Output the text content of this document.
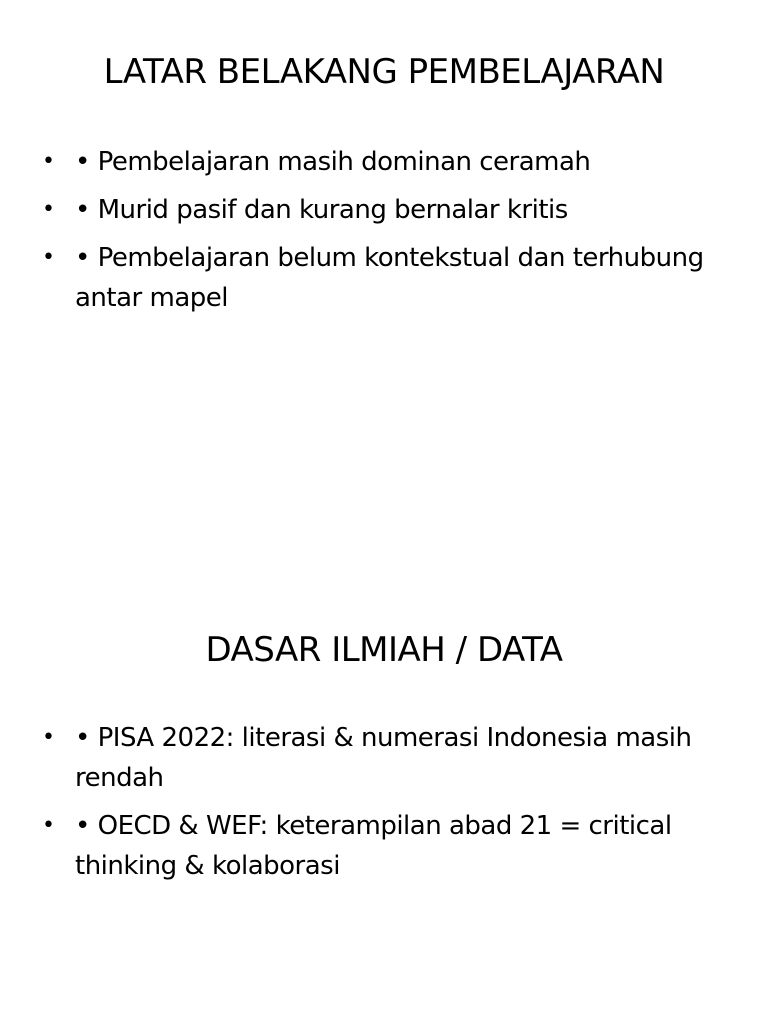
LATAR BELAKANG PEMBELAJARAN
• • Pembelajaran masih dominan ceramah
• • Murid pasif dan kurang bernalar kritis
• • Pembelajaran belum kontekstual dan terhubung antar mapel
DASAR ILMIAH / DATA
• • PISA 2022: literasi & numerasi Indonesia masih rendah
• • OECD & WEF: keterampilan abad 21 = critical thinking & kolaborasi
